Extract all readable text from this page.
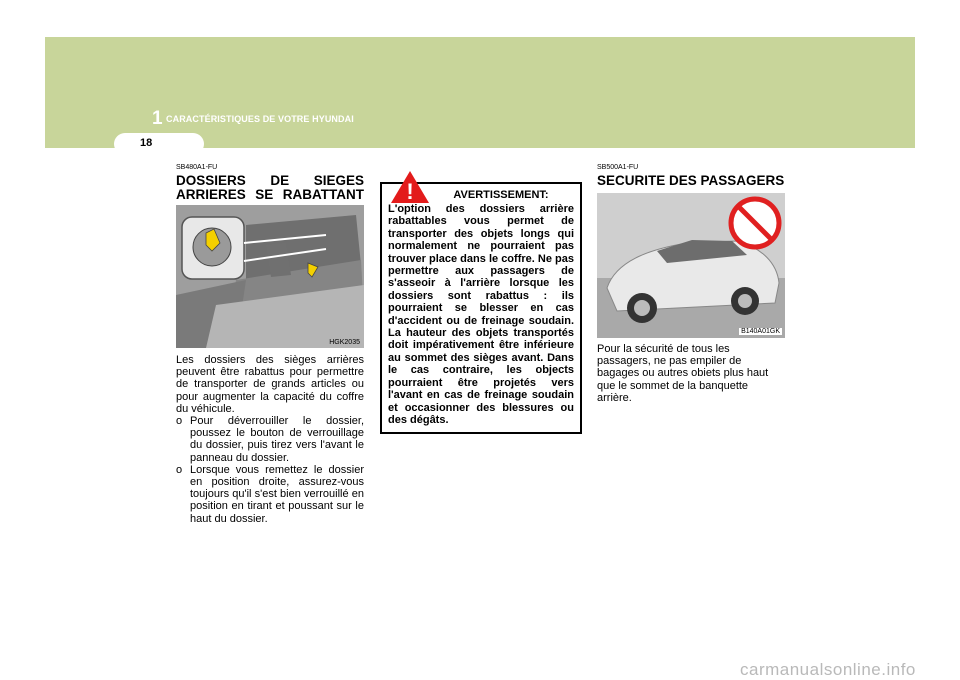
1 CARACTÉRISTIQUES DE VOTRE HYUNDAI
18
SB480A1-FU
DOSSIERS DE SIEGES ARRIERES SE RABATTANT
HGK2035
Les dossiers des sièges arrières peuvent être rabattus pour permettre de transporter de grands articles ou pour augmenter la capacité du coffre du véhicule.
o Pour déverrouiller le dossier, poussez le bouton de verrouillage du dossier, puis tirez vers l'avant le panneau du dossier.
o Lorsque vous remettez le dossier en position droite, assurez-vous toujours qu'il s'est bien verrouillé en position en tirant et poussant sur le haut du dossier.
!	AVERTISSEMENT:
L'option des dossiers arrière rabattables vous permet de transporter des objets longs qui normalement ne pourraient pas trouver place dans le coffre. Ne pas permettre aux passagers de s'asseoir à l'arrière lorsque les dossiers sont rabattus : ils pourraient se blesser en cas d'accident ou de freinage soudain. La hauteur des objets transportés doit impérativement être inférieure au sommet des sièges avant. Dans le cas contraire, les objects pourraient être projetés vers l'avant en cas de freinage soudain et occasionner des blessures ou des dégâts.
SB500A1-FU
SECURITE DES PASSAGERS
B140A01GK
Pour la sécurité de tous les passagers, ne pas empiler de bagages ou autres obiets plus haut que le sommet de la banquette arrière.
carmanualsonline.info
